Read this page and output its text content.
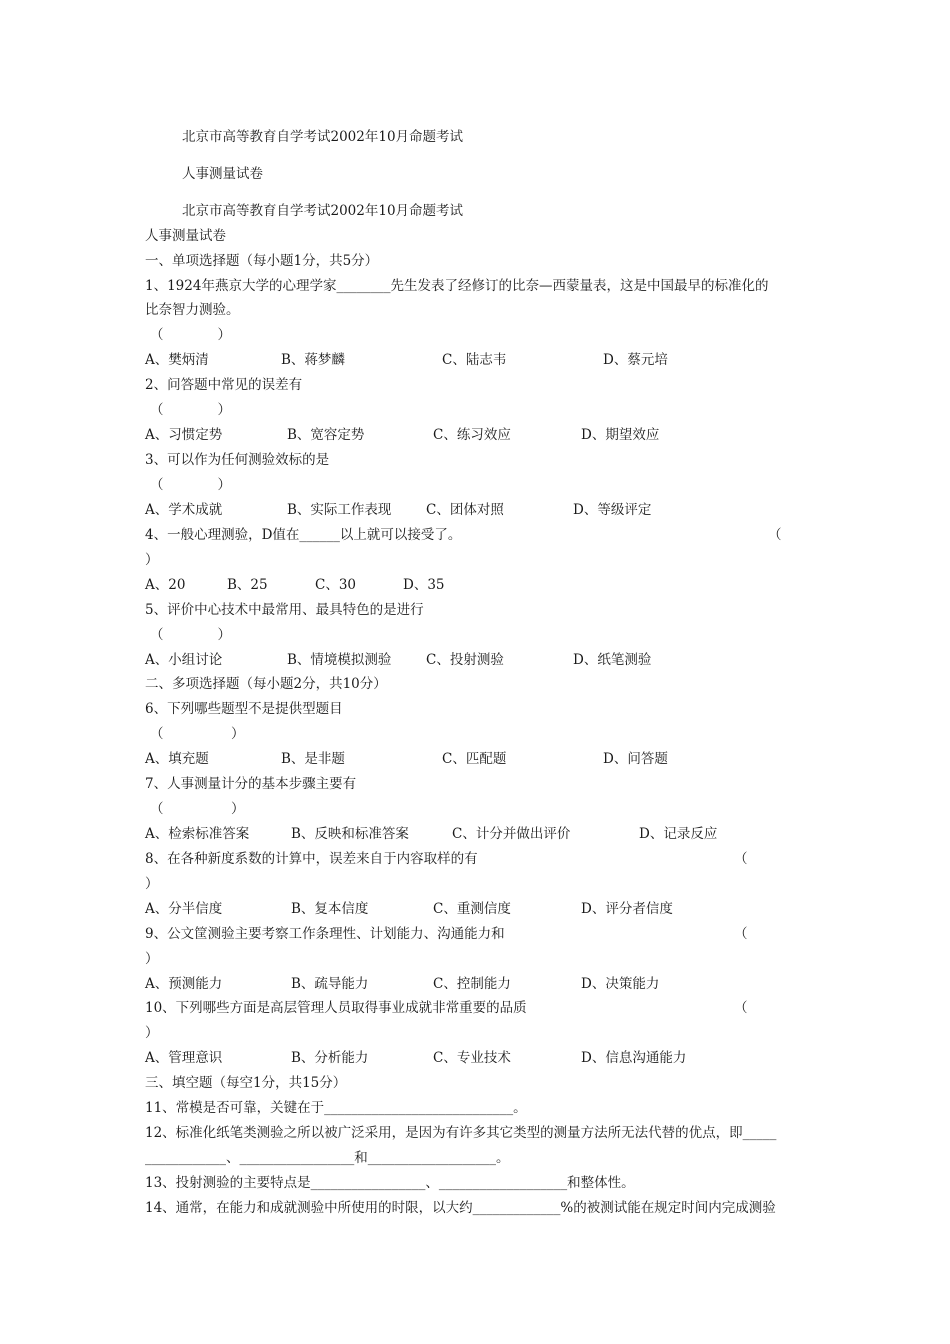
北京市高等教育自学考试2002年10月命题考试
人事测量试卷
北京市高等教育自学考试2002年10月命题考试
人事测量试卷
一、单项选择题（每小题1分，共5分）
1、1924年燕京大学的心理学家________先生发表了经修订的比奈—西蒙量表，这是中国最早的标准化的
比奈智力测验。
（　　　　）
A、樊炳清	B、蒋梦麟	C、陆志韦	D、蔡元培
2、问答题中常见的误差有
（　　　　）
A、习惯定势	B、宽容定势	C、练习效应	D、期望效应
3、可以作为任何测验效标的是
（　　　　）
A、学术成就	B、实际工作表现	C、团体对照	D、等级评定
4、一般心理测验，D值在______以上就可以接受了。	（
）
A、20	B、25	C、30	D、35
5、评价中心技术中最常用、最具特色的是进行
（　　　　）
A、小组讨论	B、情境模拟测验	C、投射测验	D、纸笔测验
二、多项选择题（每小题2分，共10分）
6、下列哪些题型不是提供型题目
（　　　　　）
A、填充题	B、是非题	C、匹配题	D、问答题
7、人事测量计分的基本步骤主要有
（　　　　　）
A、检索标准答案	B、反映和标准答案	C、计分并做出评价	D、记录反应
8、在各种新度系数的计算中，误差来自于内容取样的有	（
）
A、分半信度	B、复本信度	C、重测信度	D、评分者信度
9、公文筐测验主要考察工作条理性、计划能力、沟通能力和	（
）
A、预测能力	B、疏导能力	C、控制能力	D、决策能力
10、下列哪些方面是高层管理人员取得事业成就非常重要的品质	（
）
A、管理意识	B、分析能力	C、专业技术	D、信息沟通能力
三、填空题（每空1分，共15分）
11、常模是否可靠，关键在于____________________________。
12、标准化纸笔类测验之所以被广泛采用，是因为有许多其它类型的测量方法所无法代替的优点，即_____
____________、_________________和___________________。
13、投射测验的主要特点是_________________、___________________和整体性。
14、通常，在能力和成就测验中所使用的时限，以大约_____________%的被测试能在规定时间内完成测验
